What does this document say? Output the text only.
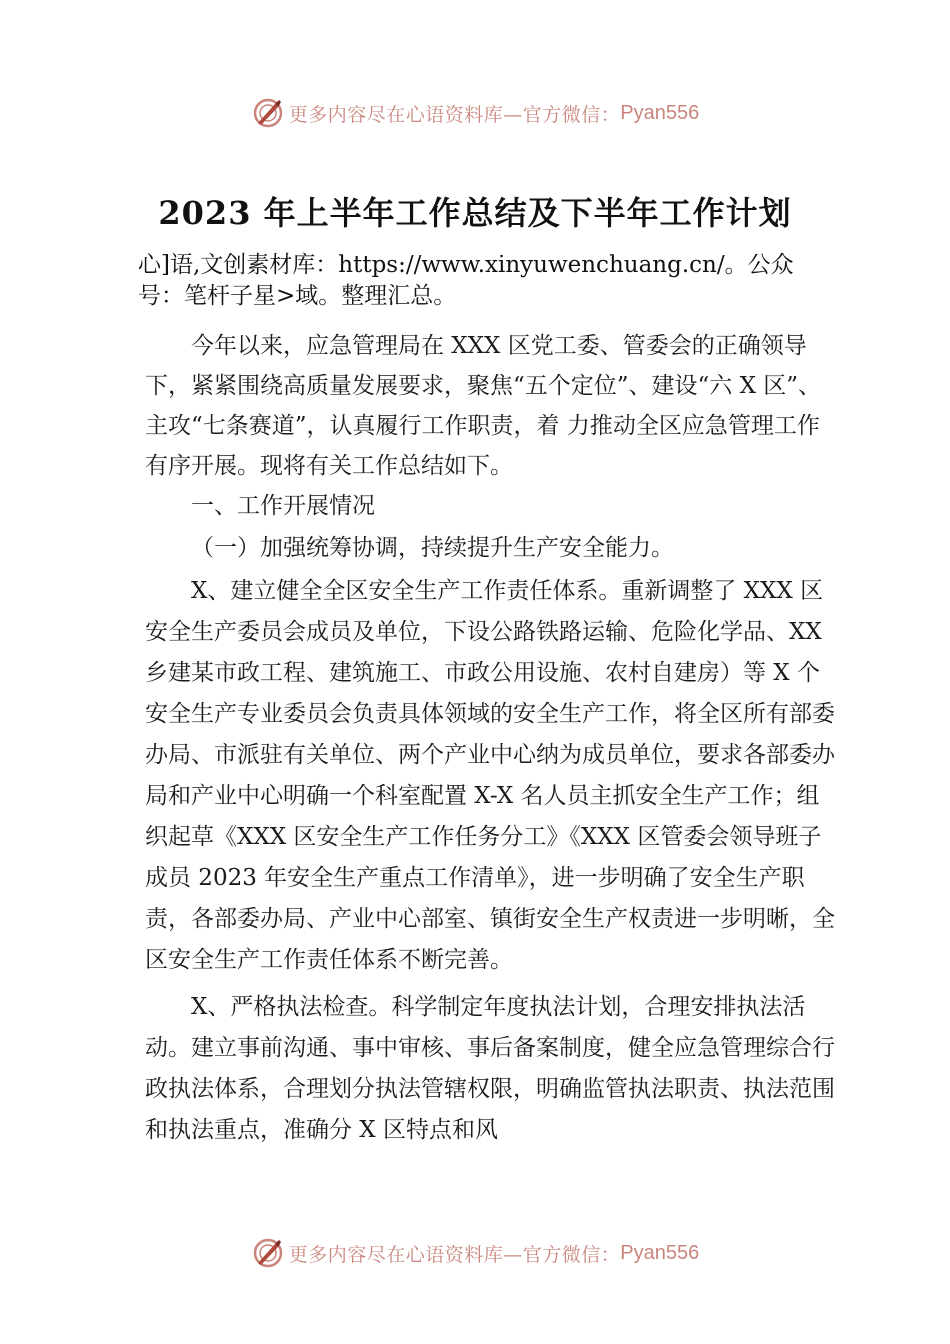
更多内容尽在心语资料库—官方微信： Pyan556
2023 年上半年工作总结及下半年工作计划

心]语,文创素材库：https://www.xinyuwenchuang.cn/。公众号：笔杆子星>域。整理汇总。

今年以来，应急管理局在 XXX 区党工委、管委会的正确领导下，紧紧围绕高质量发展要求，聚焦“五个定位”、建设“六 X 区”、主攻“七条赛道”，认真履行工作职责，着 力推动全区应急管理工作有序开展。现将有关工作总结如下。

一、工作开展情况

（一）加强统筹协调，持续提升生产安全能力。

X、建立健全全区安全生产工作责任体系。重新调整了 XXX 区安全生产委员会成员及单位，下设公路铁路运输、危险化学品、XX 乡建某市政工程、建筑施工、市政公用设施、农村自建房）等 X 个安全生产专业委员会负责具体领域的安全生产工作，将全区所有部委办局、市派驻有关单位、两个产业中心纳为成员单位，要求各部委办局和产业中心明确一个科室配置 X-X 名人员主抓安全生产工作；组织起草《XXX 区安全生产工作任务分工》《XXX 区管委会领导班子成员 2023 年安全生产重点工作清单》，进一步明确了安全生产职责，各部委办局、产业中心部室、镇街安全生产权责进一步明晰，全区安全生产工作责任体系不断完善。

X、严格执法检查。科学制定年度执法计划，合理安排执法活动。建立事前沟通、事中审核、事后备案制度，健全应急管理综合行政执法体系，合理划分执法管辖权限，明确监管执法职责、执法范围和执法重点，准确分 X 区特点和风

更多内容尽在心语资料库—官方微信： Pyan556
